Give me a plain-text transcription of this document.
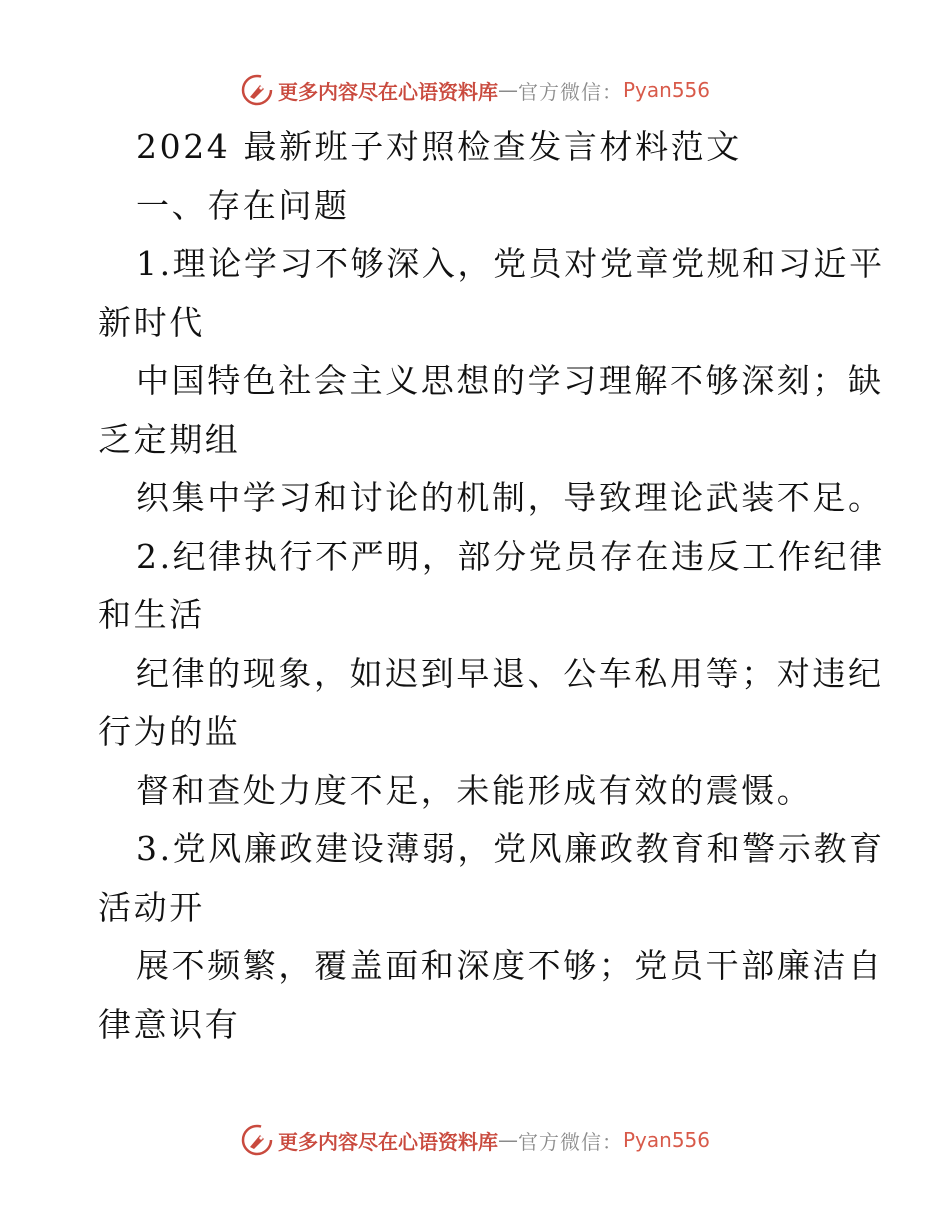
更多内容尽在心语资料库 — 官方微信： Pyan556
2024 最新班子对照检查发言材料范文
一、存在问题
1.理论学习不够深入，党员对党章党规和习近平
新时代
中国特色社会主义思想的学习理解不够深刻；缺
乏定期组
织集中学习和讨论的机制，导致理论武装不足。
2.纪律执行不严明，部分党员存在违反工作纪律
和生活
纪律的现象，如迟到早退、公车私用等；对违纪
行为的监
督和查处力度不足，未能形成有效的震慑。
3.党风廉政建设薄弱，党风廉政教育和警示教育
活动开
展不频繁，覆盖面和深度不够；党员干部廉洁自
律意识有
更多内容尽在心语资料库 — 官方微信： Pyan556
